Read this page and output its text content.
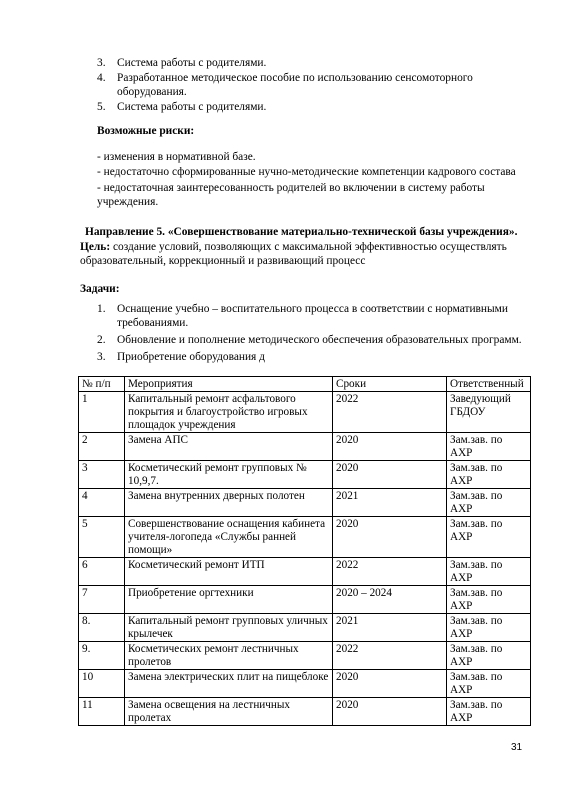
3. Система работы с родителями.
4. Разработанное методическое пособие по использованию сенсомоторного оборудования.
5. Система работы с родителями.
Возможные риски:
- изменения в нормативной базе.
- недостаточно сформированные нучно-методические компетенции кадрового состава
- недостаточная заинтересованность родителей во включении в систему работы учреждения.
Направление 5. «Совершенствование материально-технической базы учреждения».
Цель: создание условий, позволяющих с максимальной эффективностью осуществлять образовательный, коррекционный и развивающий процесс
Задачи:
1. Оснащение учебно – воспитательного процесса в соответствии с нормативными требованиями.
2. Обновление и пополнение методического обеспечения образовательных программ.
3. Приобретение оборудования д
№ п/п	Мероприятия	Сроки	Ответственный
1	Капитальный ремонт асфальтового покрытия и благоустройство игровых площадок учреждения	2022	Заведующий ГБДОУ
2	Замена АПС	2020	Зам.зав. по АХР
3	Косметический ремонт групповых № 10,9,7.	2020	Зам.зав. по АХР
4	Замена внутренних дверных полотен	2021	Зам.зав. по АХР
5	Совершенствование оснащения кабинета учителя-логопеда «Службы ранней помощи»	2020	Зам.зав. по АХР
6	Косметический ремонт ИТП	2022	Зам.зав. по АХР
7	Приобретение оргтехники	2020 – 2024	Зам.зав. по АХР
8.	Капитальный ремонт групповых уличных крылечек	2021	Зам.зав. по АХР
9.	Косметических ремонт лестничных пролетов	2022	Зам.зав. по АХР
10	Замена электрических плит на пищеблоке	2020	Зам.зав. по АХР
11	Замена освещения на лестничных пролетах	2020	Зам.зав. по АХР
31
